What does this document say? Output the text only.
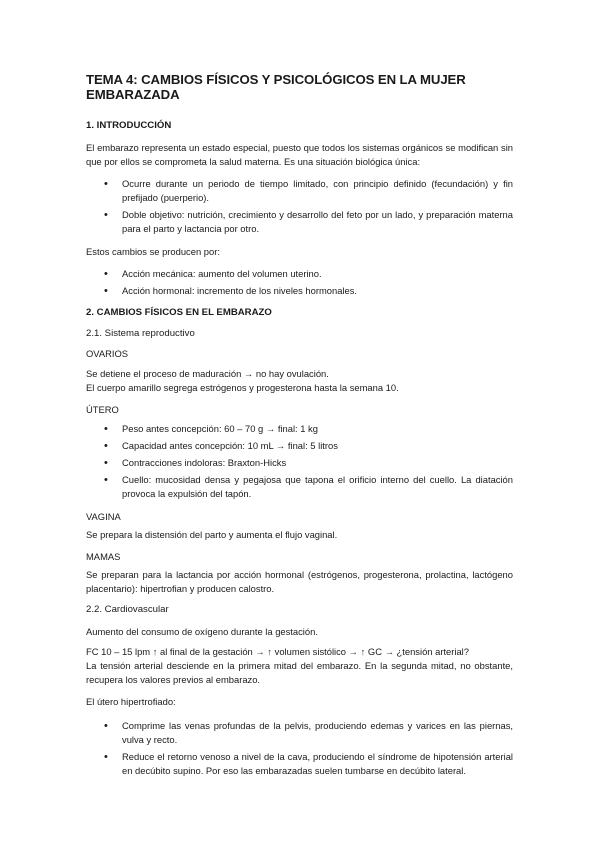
TEMA 4: CAMBIOS FÍSICOS Y PSICOLÓGICOS EN LA MUJER EMBARAZADA
1. INTRODUCCIÓN

El embarazo representa un estado especial, puesto que todos los sistemas orgánicos se modifican sin que por ellos se comprometa la salud materna. Es una situación biológica única:

• Ocurre durante un periodo de tiempo limitado, con principio definido (fecundación) y fin prefijado (puerperio).
• Doble objetivo: nutrición, crecimiento y desarrollo del feto por un lado, y preparación materna para el parto y lactancia por otro.

Estos cambios se producen por:

• Acción mecánica: aumento del volumen uterino.
• Acción hormonal: incremento de los niveles hormonales.
2. CAMBIOS FÍSICOS EN EL EMBARAZO
2.1. Sistema reproductivo

OVARIOS

Se detiene el proceso de maduración → no hay ovulación.
El cuerpo amarillo segrega estrógenos y progesterona hasta la semana 10.

ÚTERO

• Peso antes concepción: 60 – 70 g → final: 1 kg
• Capacidad antes concepción: 10 mL → final: 5 litros
• Contracciones indoloras: Braxton-Hicks
• Cuello: mucosidad densa y pegajosa que tapona el orificio interno del cuello. La diatación provoca la expulsión del tapón.

VAGINA

Se prepara la distensión del parto y aumenta el flujo vaginal.

MAMAS

Se preparan para la lactancia por acción hormonal (estrógenos, progesterona, prolactina, lactógeno placentario): hipertrofian y producen calostro.

2.2. Cardiovascular

Aumento del consumo de oxígeno durante la gestación.

FC 10 – 15 lpm ↑ al final de la gestación → ↑ volumen sistólico → ↑ GC → ¿tensión arterial?
La tensión arterial desciende en la primera mitad del embarazo. En la segunda mitad, no obstante, recupera los valores previos al embarazo.

El útero hipertrofiado:

• Comprime las venas profundas de la pelvis, produciendo edemas y varices en las piernas, vulva y recto.
• Reduce el retorno venoso a nivel de la cava, produciendo el síndrome de hipotensión arterial en decúbito supino. Por eso las embarazadas suelen tumbarse en decúbito lateral.
